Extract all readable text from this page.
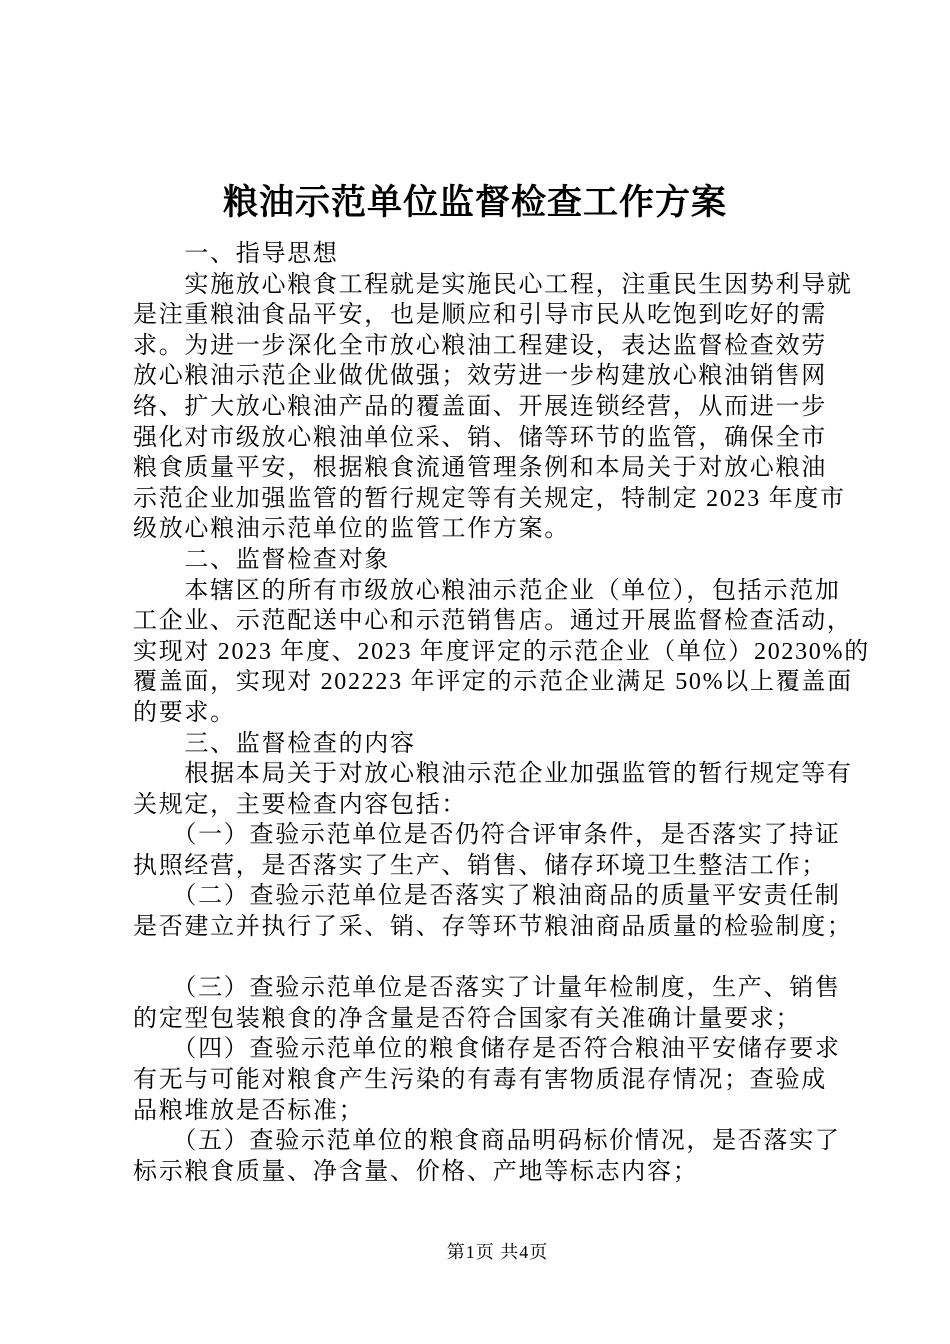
粮油示范单位监督检查工作方案
　　一、指导思想
　　实施放心粮食工程就是实施民心工程，注重民生因势利导就
是注重粮油食品平安，也是顺应和引导市民从吃饱到吃好的需
求。为进一步深化全市放心粮油工程建设，表达监督检查效劳
放心粮油示范企业做优做强；效劳进一步构建放心粮油销售网
络、扩大放心粮油产品的覆盖面、开展连锁经营，从而进一步
强化对市级放心粮油单位采、销、储等环节的监管，确保全市
粮食质量平安，根据粮食流通管理条例和本局关于对放心粮油
示范企业加强监管的暂行规定等有关规定，特制定 2023 年度市
级放心粮油示范单位的监管工作方案。
　　二、监督检查对象
　　本辖区的所有市级放心粮油示范企业（单位），包括示范加
工企业、示范配送中心和示范销售店。通过开展监督检查活动，
实现对 2023 年度、2023 年度评定的示范企业（单位）20230%的
覆盖面，实现对 202223 年评定的示范企业满足 50%以上覆盖面
的要求。
　　三、监督检查的内容
　　根据本局关于对放心粮油示范企业加强监管的暂行规定等有
关规定，主要检查内容包括：
　　（一）查验示范单位是否仍符合评审条件，是否落实了持证
执照经营，是否落实了生产、销售、储存环境卫生整洁工作；
　　（二）查验示范单位是否落实了粮油商品的质量平安责任制
是否建立并执行了采、销、存等环节粮油商品质量的检验制度；

　　（三）查验示范单位是否落实了计量年检制度，生产、销售
的定型包装粮食的净含量是否符合国家有关准确计量要求；
　　（四）查验示范单位的粮食储存是否符合粮油平安储存要求
有无与可能对粮食产生污染的有毒有害物质混存情况；查验成
品粮堆放是否标准；
　　（五）查验示范单位的粮食商品明码标价情况，是否落实了
标示粮食质量、净含量、价格、产地等标志内容；
第1页 共4页
